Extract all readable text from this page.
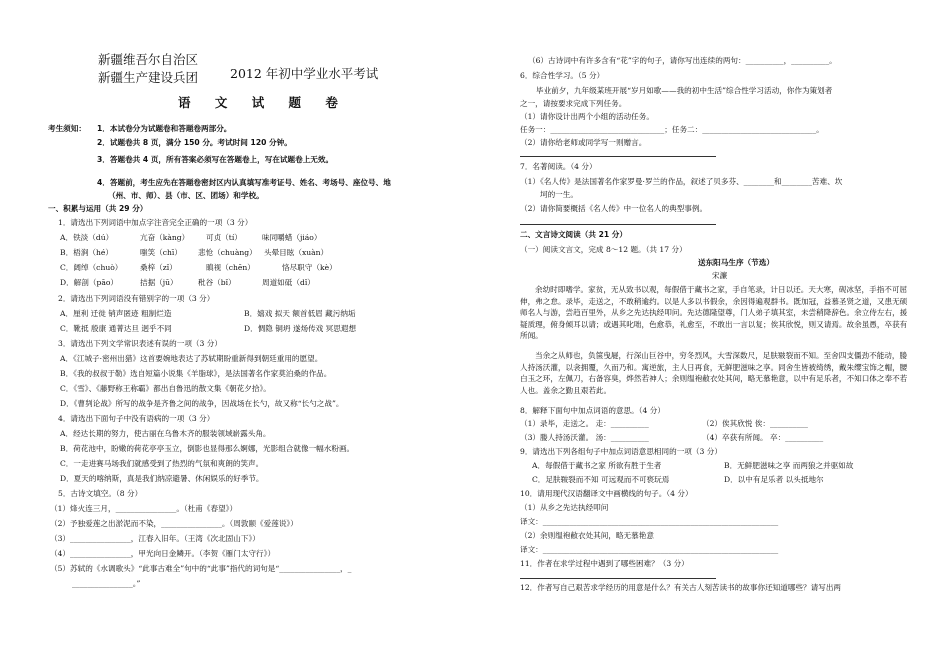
新疆维吾尔自治区
新疆生产建设兵团	2012 年初中学业水平考试
语 文 试 题 卷
考生须知： 1．本试卷分为试题卷和答题卷两部分。
2．试题卷共 8 页，满分 150 分。考试时间 120 分钟。
3．答题卷共 4 页，所有答案必须写在答题卷上，写在试题卷上无效。
4．答题前，考生应先在答题卷密封区内认真填写准考证号、姓名、考场号、座位号、地
（州、市、师）、县（市、区、团场）和学校。
一、积累与运用（共 29 分）
1．请选出下列词语中加点字注音完全正确的一项（3 分）
A．铁淡（dú）	亢奋（kàng） 可贞（tí）	味同嚼蜡（jiáo）
B．梧涧（hé）	嗤笑（chī） 悲怆（chuàng） 头晕目眩（xuàn）
C．阔绰（chuò） 桑梓（zǐ）	瞋视（chēn）	恪尽职守（kè）
D．解剖（pāo）	拮据（jū）	秕谷（bǐ）	周道如砥（dǐ）
2．请选出下列词语没有错别字的一项（3 分）
A．厘利 迁徙 销声匿迹 粗制烂造	B．嬉戏 拟天 额首低眉 藏污纳垢
C．靴抵 殷康 通菁达旦 迥乎不同	D．惆隐 铜坍 遂炀传戏 冥思遐想
3．请选出下列文学常识表述有误的一项（3 分）
A．《江城子·密州出猎》这首要婉地表达了苏轼期盼重新得到朝廷重用的愿望。
B．《我的叔叔于勒》选自短篇小说集《羊脂球》，是法国著名作家莫泊桑的作品。
C．《雪》、《藤野称王称霸》都出自鲁迅的散文集《朝花夕拾》。
D．《曹刿论战》所写的战争是齐鲁之间的战争，因战场在长勺，故又称“长勺之战”。
4．请选出下面句子中没有语病的一项（3 分）
A．经达长期的努力，使古丽在乌鲁木齐的服装领域崭露头角。
B．荷花池中，盼嫩的荷花亭亭玉立，倒影也显得那么婀娜，光影组合就像一幅水粉画。
C．一走进赛马场我们就感受到了热烈的气氛和爽朗的笑声。
D．夏天的喀纳斯，真是我们纳凉避暑、休闲娱乐的好季节。
5．古诗文填空。（8 分）
（1）烽火连三月，________________。（杜甫《春望》）
（2）予独爱莲之出淤泥而不染，________________。（周敦颐《爱莲说》）
（3）________________，江春入旧年。（王湾《次北固山下》）
（4）________________，甲光向日金鳞开。（李贺《雁门太守行》）
（5）苏轼的《水调歌头》“此事古难全”句中的“此事”指代的词句是“________________，_
________________。”
（6）古诗词中有许多含有“花”字的句子，请你写出连续的两句：__________，__________。
6．综合性学习。（5 分）
毕业前夕，九年级某班开展“岁月如歌——我的初中生活”综合性学习活动，你作为策划者
之一，请按要求完成下列任务。
（1）请你设计出两个小组的活动任务。
任务一：______________________________；任务二：______________________________。
（2）请你给老师或同学写一则赠言。
7．名著阅读。（4 分）
（1）《名人传》是法国著名作家罗曼·罗兰的作品，叙述了贝多芬、________和________苦难、坎
坷的一生。
（2）请你简要概括《名人传》中一位名人的典型事例。
二、文言诗文阅读（共 21 分）
（一）阅读文言文，完成 8～12 题。（共 17 分）
送东阳马生序（节选）
宋濂
余幼时即嗜学。家贫，无从致书以观，每假借于藏书之家，手自笔录，计日以还。天大寒，砚冰坚，手指不可屈伸，弗之怠。录毕，走送之，不敢稍逾约。以是人多以书假余，余因得遍观群书。既加冠，益慕圣贤之道，又患无硕师名人与游，尝趋百里外，从乡之先达执经叩问。先达德隆望尊，门人弟子填其室，未尝稍降辞色。余立侍左右，援疑质理，俯身倾耳以请；或遇其叱咄，色愈恭，礼愈至，不敢出一言以复；俟其欣悦，则又请焉。故余虽愚，卒获有所闻。
当余之从师也，负箧曳屣，行深山巨谷中，穷冬烈风，大雪深数尺，足肤皲裂而不知。至舍四支僵劲不能动，媵人持汤沃灌，以衾拥覆，久而乃和。寓逆旅，主人日再食，无鲜肥滋味之享。同舍生皆被绮绣，戴朱缨宝饰之帽，腰白玉之环，左佩刀，右备容臭，烨然若神人；余则缊袍敝衣处其间，略无慕艳意，以中有足乐者，不知口体之奉不若人也。盖余之勤且艰若此。
8．解释下面句中加点词语的意思。（4 分）
（1）录毕，走送之。 走：__________	（2）俟其欣悦 俟：__________
（3）媵人持汤沃灌。 汤：__________	（4）卒获有所闻。 卒：__________
9．请选出下列各组句子中加点词语意思相同的一项（3 分）
A．每假借于藏书之家 所欲有胜于生者	B．无鲜肥滋味之享 而两狼之并驱如故
C．足肤皲裂而不知 可远观而不可亵玩焉	D．以中有足乐者 以头抵地尔
10．请用现代汉语翻译文中画横线的句子。（4 分）
（1）从乡之先达执经叩问
译文：______________________________________________________________
（2）余则缊袍敝衣处其间，略无慕艳意
译文：______________________________________________________________
11．作者在求学过程中遇到了哪些困难？（3 分）
12．作者写自己艰苦求学经历的用意是什么？有关古人刻苦读书的故事你还知道哪些？请写出两
